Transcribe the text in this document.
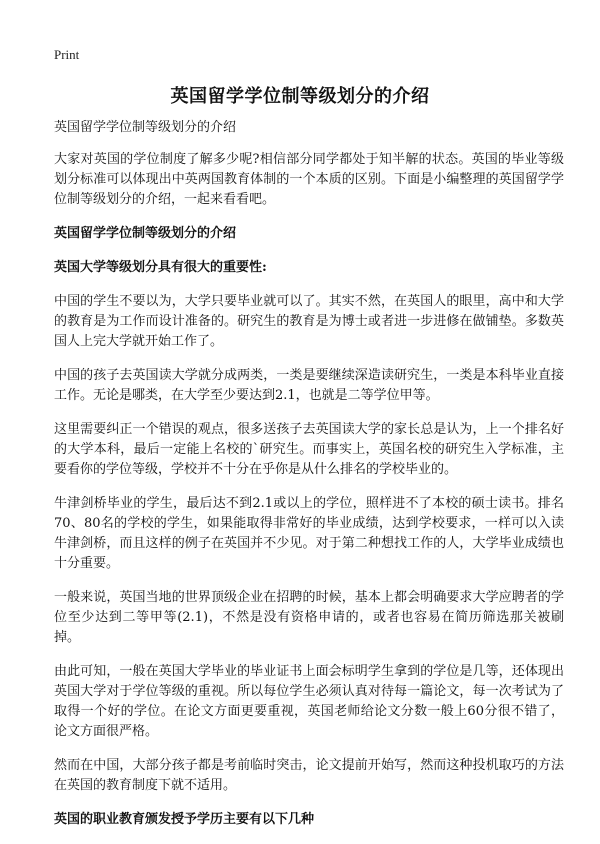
Print
英国留学学位制等级划分的介绍

英国留学学位制等级划分的介绍

大家对英国的学位制度了解多少呢?相信部分同学都处于知半解的状态。英国的毕业等级划分标准可以体现出中英两国教育体制的一个本质的区别。下面是小编整理的英国留学学位制等级划分的介绍，一起来看看吧。

英国留学学位制等级划分的介绍

英国大学等级划分具有很大的重要性:

中国的学生不要以为，大学只要毕业就可以了。其实不然，在英国人的眼里，高中和大学的教育是为工作而设计准备的。研究生的教育是为博士或者进一步进修在做铺垫。多数英国人上完大学就开始工作了。

中国的孩子去英国读大学就分成两类，一类是要继续深造读研究生，一类是本科毕业直接工作。无论是哪类，在大学至少要达到2.1，也就是二等学位甲等。

这里需要纠正一个错误的观点，很多送孩子去英国读大学的家长总是认为，上一个排名好的大学本科，最后一定能上名校的`研究生。而事实上，英国名校的研究生入学标准，主要看你的学位等级，学校并不十分在乎你是从什么排名的学校毕业的。

牛津剑桥毕业的学生，最后达不到2.1或以上的学位，照样进不了本校的硕士读书。排名70、80名的学校的学生，如果能取得非常好的毕业成绩，达到学校要求，一样可以入读牛津剑桥，而且这样的例子在英国并不少见。对于第二种想找工作的人，大学毕业成绩也十分重要。

一般来说，英国当地的世界顶级企业在招聘的时候，基本上都会明确要求大学应聘者的学位至少达到二等甲等(2.1)，不然是没有资格申请的，或者也容易在简历筛选那关被刷掉。

由此可知，一般在英国大学毕业的毕业证书上面会标明学生拿到的学位是几等，还体现出英国大学对于学位等级的重视。所以每位学生必须认真对待每一篇论文，每一次考试为了取得一个好的学位。在论文方面更要重视，英国老师给论文分数一般上60分很不错了，论文方面很严格。

然而在中国，大部分孩子都是考前临时突击，论文提前开始写，然而这种投机取巧的方法在英国的教育制度下就不适用。

英国的职业教育颁发授予学历主要有以下几种
